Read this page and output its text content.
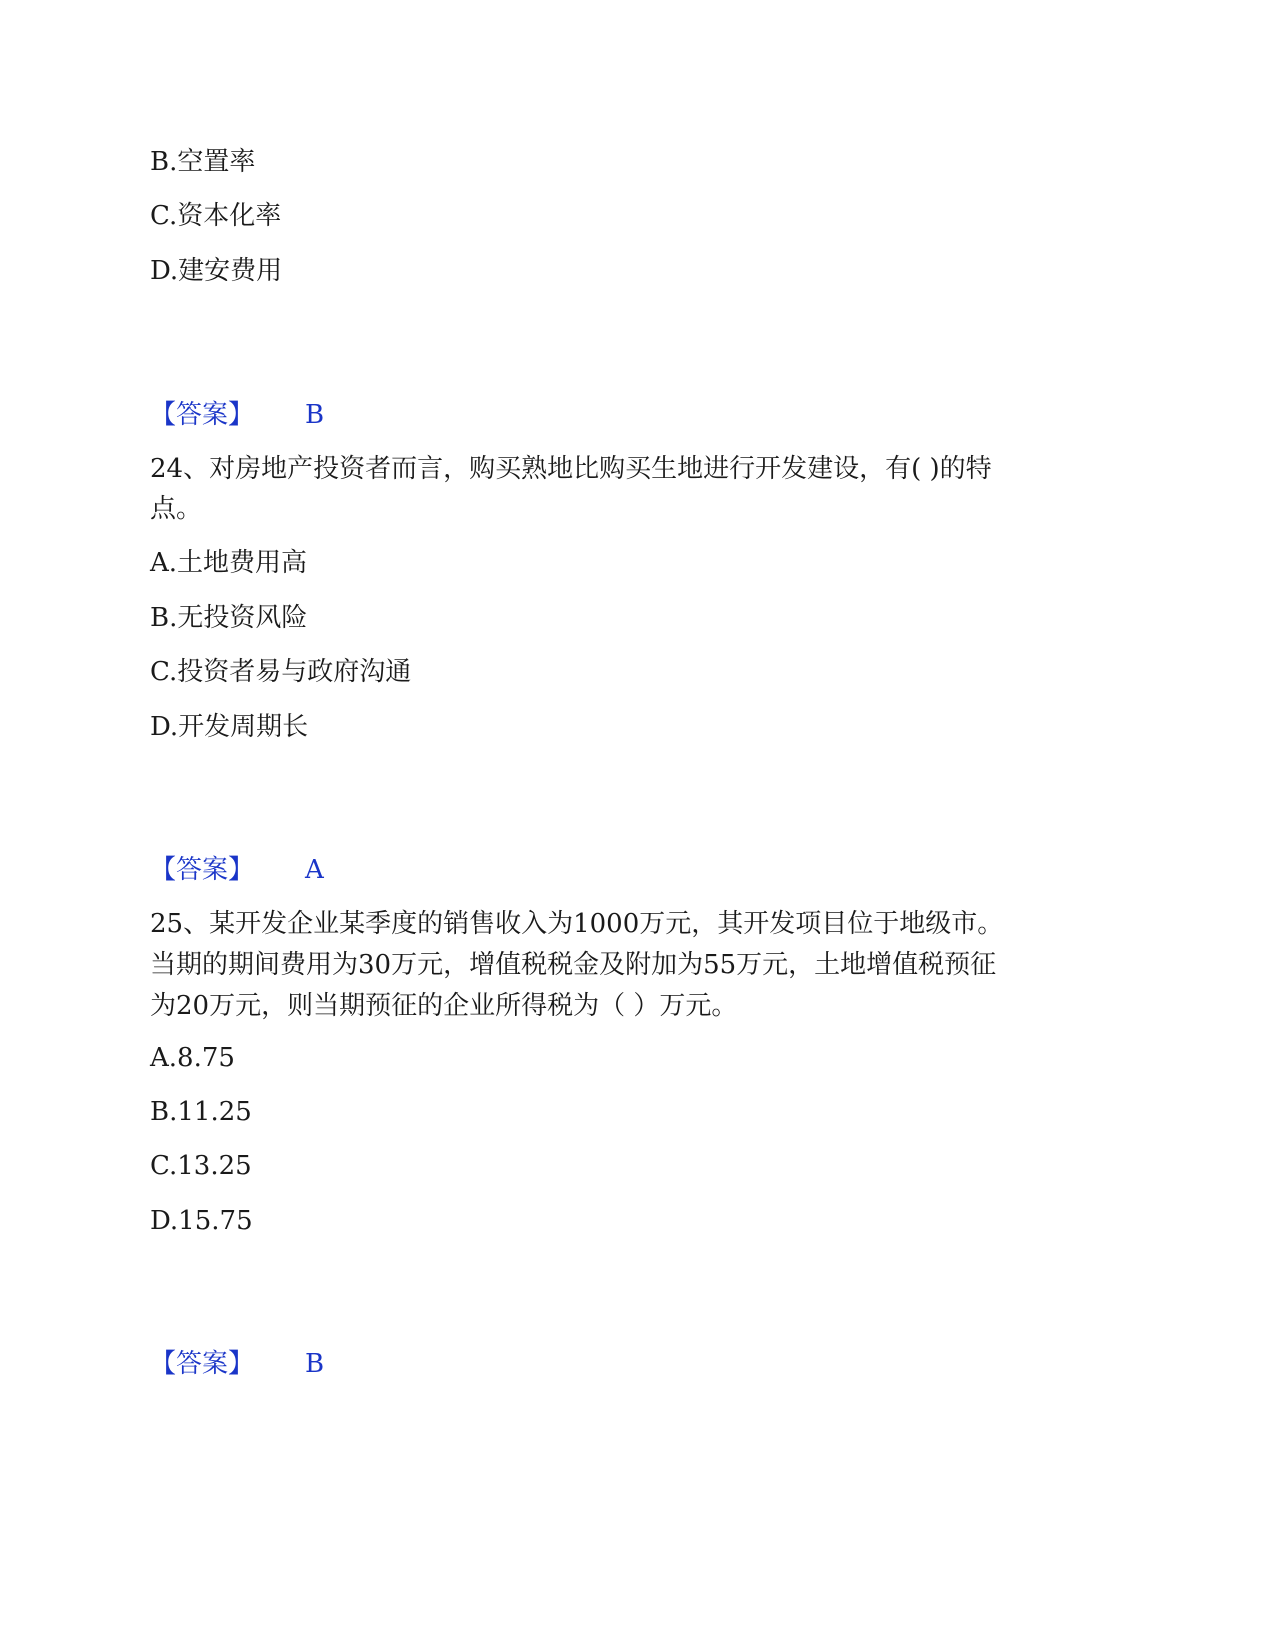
B.空置率
C.资本化率
D.建安费用
【答案】 B
24、对房地产投资者而言，购买熟地比购买生地进行开发建设，有( )的特
点。
A.土地费用高
B.无投资风险
C.投资者易与政府沟通
D.开发周期长
【答案】 A
25、某开发企业某季度的销售收入为1000万元，其开发项目位于地级市。
当期的期间费用为30万元，增值税税金及附加为55万元，土地增值税预征
为20万元，则当期预征的企业所得税为（ ）万元。
A.8.75
B.11.25
C.13.25
D.15.75
【答案】 B
